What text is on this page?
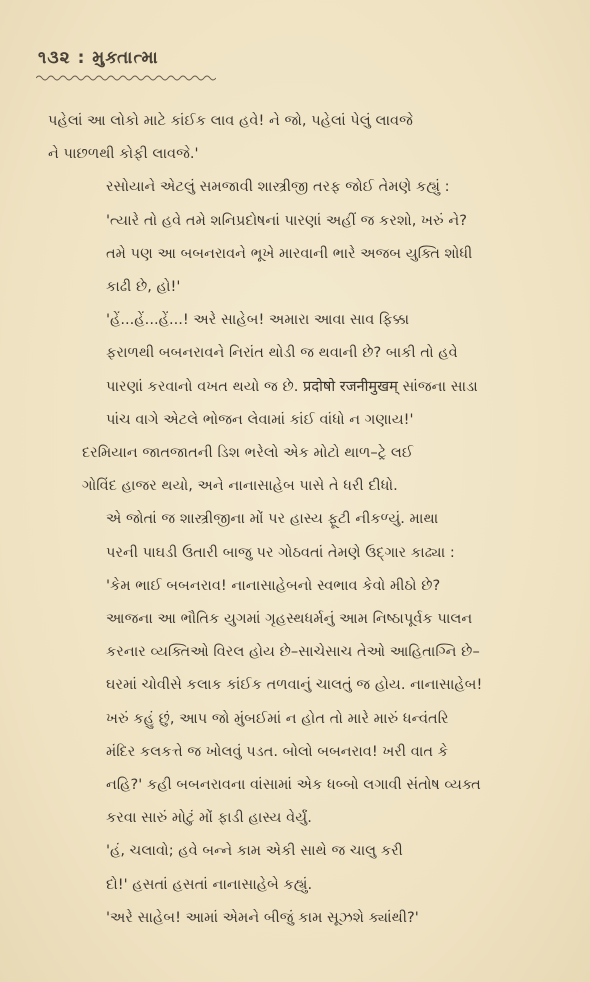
૧૩૨ : મુક્તાત્મા

પહેલાં આ લોકો માટે કાંઈક લાવ હવે! ને જો, પહેલાં પેલું લાવજે
ને પાછળથી કોફી લાવજે.'

રસોયાને એટલું સમજાવી શાસ્ત્રીજી તરફ જોઈ તેમણે કહ્યું :
'ત્યારે તો હવે તમે શનિપ્રદોષનાં પારણાં અહીં જ કરશો, ખરું ને?
તમે પણ આ બબનરાવને ભૂખે મારવાની ભારે અજબ યુક્તિ શોધી
કાઢી છે, હો!'

'હેં...હેં...હેં...! અરે સાહેબ! અમારા આવા સાવ ફિક્કા
ફરાળથી બબનરાવને નિરાંત થોડી જ થવાની છે? બાકી તો હવે
પારણાં કરવાનો વખત થયો જ છે. प्रदोषो रजनीमुखम् સાંજના સાડા
પાંચ વાગે એટલે ભોજન લેવામાં કાંઈ વાંધો ન ગણાય!'

દરમિયાન જાતજાતની ડિશ ભરેલો એક મોટો થાળ–ટ્રે લઈ
ગોવિંદ હાજર થયો, અને નાનાસાહેબ પાસે તે ધરી દીધો.

એ જોતાં જ શાસ્ત્રીજીના મોં પર હાસ્ય ફૂટી નીકળ્યું. માથા
પરની પાઘડી ઉતારી બાજુ પર ગોઠવતાં તેમણે ઉદ્ગાર કાઢ્યા :
'કેમ ભાઈ બબનરાવ! નાનાસાહેબનો સ્વભાવ કેવો મીઠો છે?
આજના આ ભૌતિક યુગમાં ગૃહસ્થધર્મનું આમ નિષ્ઠાપૂર્વક પાલન
કરનાર વ્યક્તિઓ વિરલ હોય છે–સાચેસાચ તેઓ આહિતાગ્નિ છે–
ઘરમાં ચોવીસે કલાક કાંઈક તળવાનું ચાલતું જ હોય. નાનાસાહેબ!
ખરું કહું છું, આપ જો મુંબઈમાં ન હોત તો મારે મારું ધન્વંતરિ
મંદિર કલકત્તે જ ખોલવું પડત. બોલો બબનરાવ! ખરી વાત કે
નહિ?' કહી બબનરાવના વાંસામાં એક ધબ્બો લગાવી સંતોષ વ્યક્ત
કરવા સારું મોટું મોં ફાડી હાસ્ય વેર્યું.

'હં, ચલાવો; હવે બન્ને કામ એકી સાથે જ ચાલુ કરી
દો!' હસતાં હસતાં નાનાસાહેબે કહ્યું.

'અરે સાહેબ! આમાં એમને બીજું કામ સૂઝશે ક્યાંથી?'
